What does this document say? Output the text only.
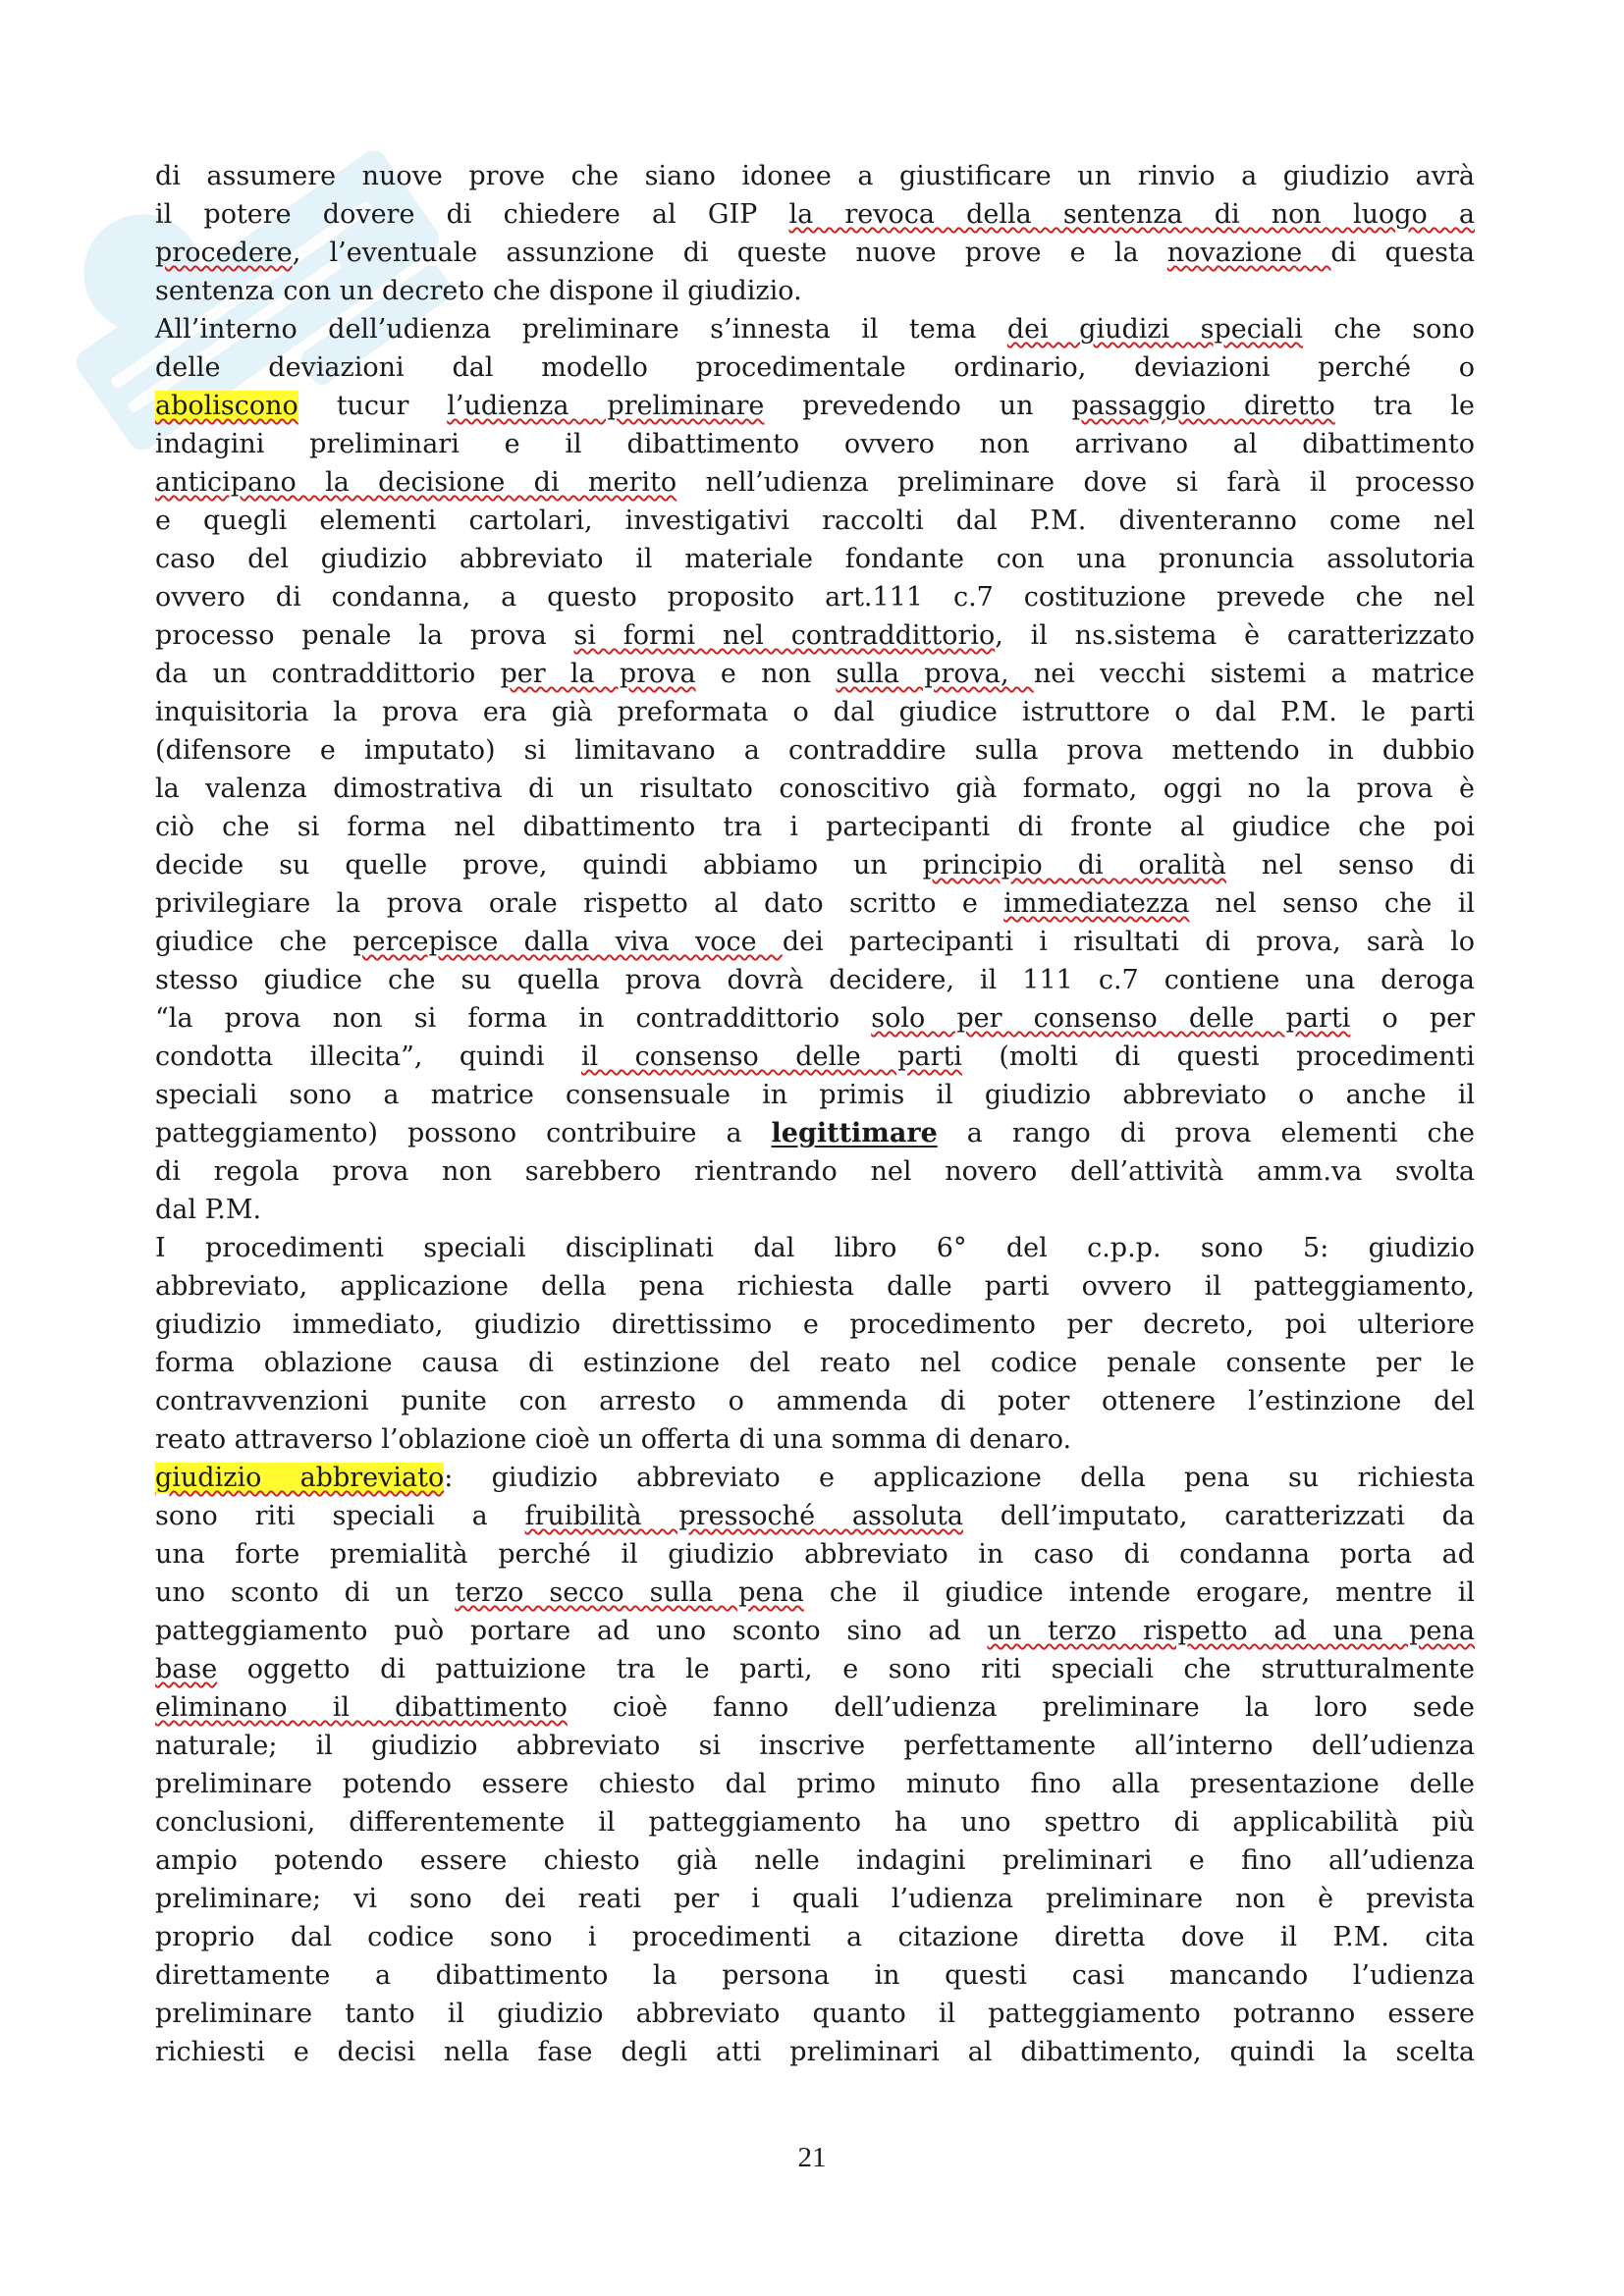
di assumere nuove prove che siano idonee a giustificare un rinvio a giudizio avrà
il potere dovere di chiedere al GIP la revoca della sentenza di non luogo a
procedere, l’eventuale assunzione di queste nuove prove e la novazione di questa
sentenza con un decreto che dispone il giudizio.
All’interno dell’udienza preliminare s’innesta il tema dei giudizi speciali che sono
delle deviazioni dal modello procedimentale ordinario, deviazioni perché o
aboliscono tucur l’udienza preliminare prevedendo un passaggio diretto tra le
indagini preliminari e il dibattimento ovvero non arrivano al dibattimento
anticipano la decisione di merito nell’udienza preliminare dove si farà il processo
e quegli elementi cartolari, investigativi raccolti dal P.M. diventeranno come nel
caso del giudizio abbreviato il materiale fondante con una pronuncia assolutoria
ovvero di condanna, a questo proposito art.111 c.7 costituzione prevede che nel
processo penale la prova si formi nel contraddittorio, il ns.sistema è caratterizzato
da un contraddittorio per la prova e non sulla prova, nei vecchi sistemi a matrice
inquisitoria la prova era già preformata o dal giudice istruttore o dal P.M. le parti
(difensore e imputato) si limitavano a contraddire sulla prova mettendo in dubbio
la valenza dimostrativa di un risultato conoscitivo già formato, oggi no la prova è
ciò che si forma nel dibattimento tra i partecipanti di fronte al giudice che poi
decide su quelle prove, quindi abbiamo un principio di oralità nel senso di
privilegiare la prova orale rispetto al dato scritto e immediatezza nel senso che il
giudice che percepisce dalla viva voce dei partecipanti i risultati di prova, sarà lo
stesso giudice che su quella prova dovrà decidere, il 111 c.7 contiene una deroga
“la prova non si forma in contraddittorio solo per consenso delle parti o per
condotta illecita”, quindi il consenso delle parti (molti di questi procedimenti
speciali sono a matrice consensuale in primis il giudizio abbreviato o anche il
patteggiamento) possono contribuire a legittimare a rango di prova elementi che
di regola prova non sarebbero rientrando nel novero dell’attività amm.va svolta
dal P.M.
I procedimenti speciali disciplinati dal libro 6° del c.p.p. sono 5: giudizio
abbreviato, applicazione della pena richiesta dalle parti ovvero il patteggiamento,
giudizio immediato, giudizio direttissimo e procedimento per decreto, poi ulteriore
forma oblazione causa di estinzione del reato nel codice penale consente per le
contravvenzioni punite con arresto o ammenda di poter ottenere l’estinzione del
reato attraverso l’oblazione cioè un offerta di una somma di denaro.
giudizio abbreviato: giudizio abbreviato e applicazione della pena su richiesta
sono riti speciali a fruibilità pressoché assoluta dell’imputato, caratterizzati da
una forte premialità perché il giudizio abbreviato in caso di condanna porta ad
uno sconto di un terzo secco sulla pena che il giudice intende erogare, mentre il
patteggiamento può portare ad uno sconto sino ad un terzo rispetto ad una pena
base oggetto di pattuizione tra le parti, e sono riti speciali che strutturalmente
eliminano il dibattimento cioè fanno dell’udienza preliminare la loro sede
naturale; il giudizio abbreviato si inscrive perfettamente all’interno dell’udienza
preliminare potendo essere chiesto dal primo minuto fino alla presentazione delle
conclusioni, differentemente il patteggiamento ha uno spettro di applicabilità più
ampio potendo essere chiesto già nelle indagini preliminari e fino all’udienza
preliminare; vi sono dei reati per i quali l’udienza preliminare non è prevista
proprio dal codice sono i procedimenti a citazione diretta dove il P.M. cita
direttamente a dibattimento la persona in questi casi mancando l’udienza
preliminare tanto il giudizio abbreviato quanto il patteggiamento potranno essere
richiesti e decisi nella fase degli atti preliminari al dibattimento, quindi la scelta
21
